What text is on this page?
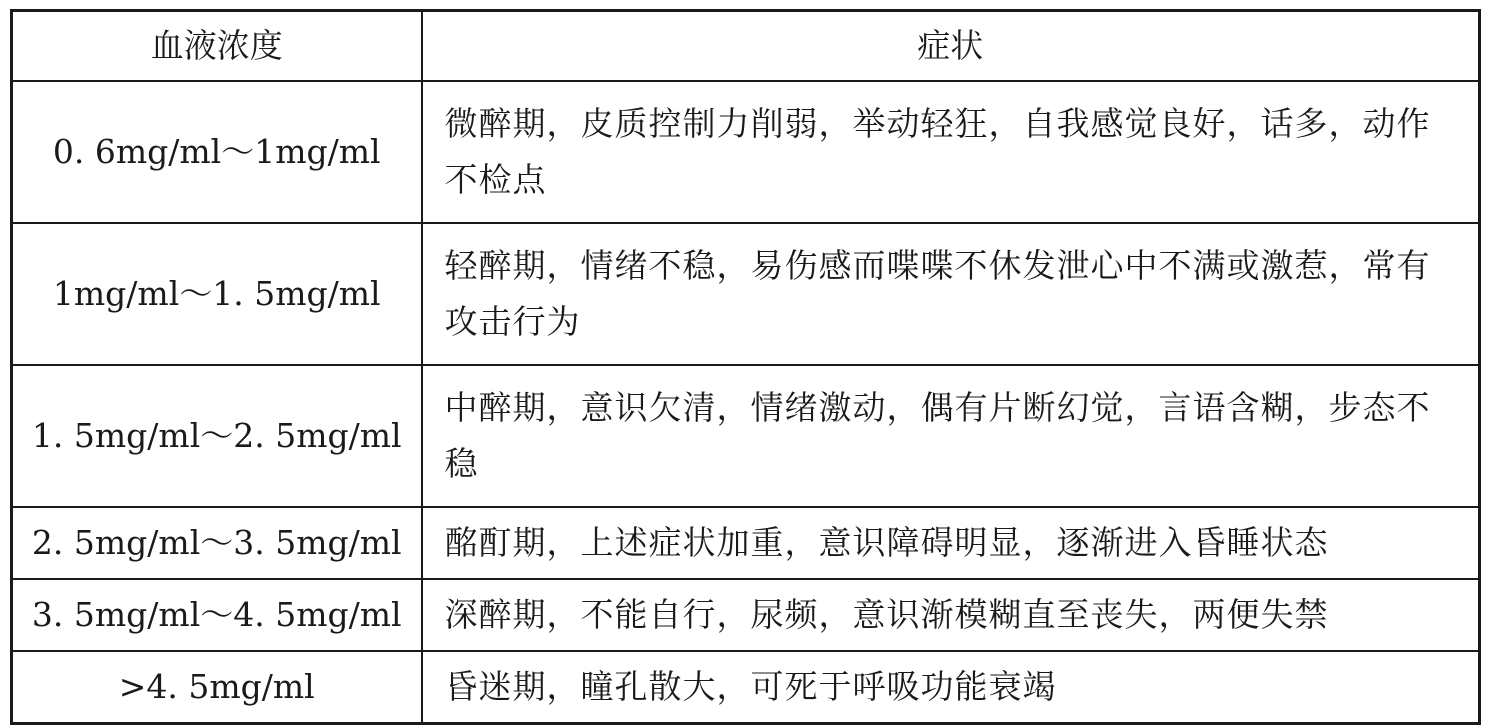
血液浓度	症状
0. 6mg/ml～1mg/ml	微醉期，皮质控制力削弱，举动轻狂，自我感觉良好，话多，动作不检点
1mg/ml～1. 5mg/ml	轻醉期，情绪不稳，易伤感而喋喋不休发泄心中不满或激惹，常有攻击行为
1. 5mg/ml～2. 5mg/ml	中醉期，意识欠清，情绪激动，偶有片断幻觉，言语含糊，步态不稳
2. 5mg/ml～3. 5mg/ml	酩酊期，上述症状加重，意识障碍明显，逐渐进入昏睡状态
3. 5mg/ml～4. 5mg/ml	深醉期，不能自行，尿频，意识渐模糊直至丧失，两便失禁
>4. 5mg/ml	昏迷期，瞳孔散大，可死于呼吸功能衰竭
